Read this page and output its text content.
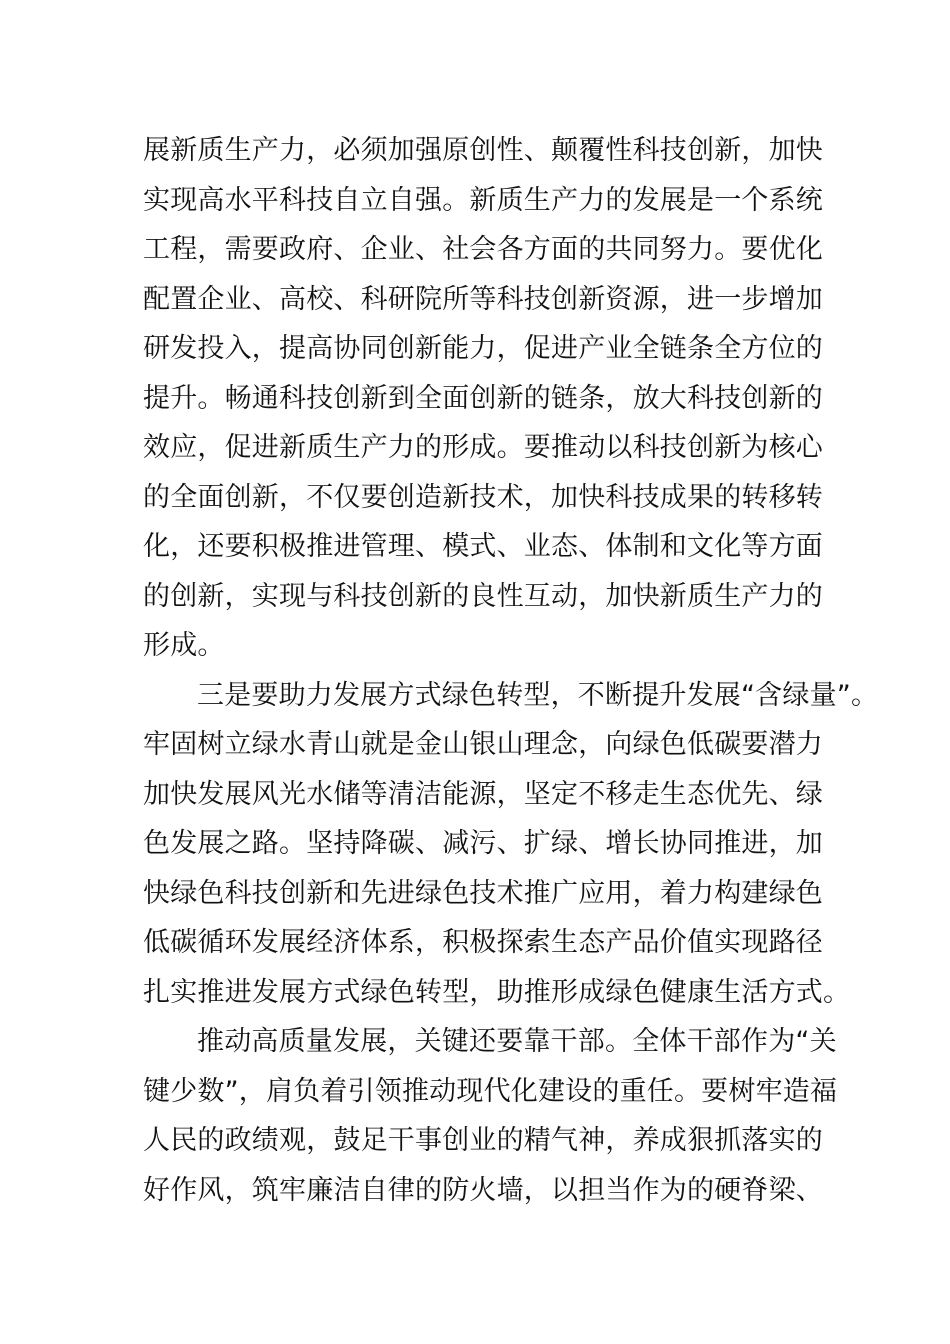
展新质生产力，必须加强原创性、颠覆性科技创新，加快
实现高水平科技自立自强。新质生产力的发展是一个系统
工程，需要政府、企业、社会各方面的共同努力。要优化
配置企业、高校、科研院所等科技创新资源，进一步增加
研发投入，提高协同创新能力，促进产业全链条全方位的
提升。畅通科技创新到全面创新的链条，放大科技创新的
效应，促进新质生产力的形成。要推动以科技创新为核心
的全面创新，不仅要创造新技术，加快科技成果的转移转
化，还要积极推进管理、模式、业态、体制和文化等方面
的创新，实现与科技创新的良性互动，加快新质生产力的
形成。
三是要助力发展方式绿色转型，不断提升发展“含绿量”。
牢固树立绿水青山就是金山银山理念，向绿色低碳要潜力
加快发展风光水储等清洁能源，坚定不移走生态优先、绿
色发展之路。坚持降碳、减污、扩绿、增长协同推进，加
快绿色科技创新和先进绿色技术推广应用，着力构建绿色
低碳循环发展经济体系，积极探索生态产品价值实现路径
扎实推进发展方式绿色转型，助推形成绿色健康生活方式。
推动高质量发展，关键还要靠干部。全体干部作为“关
键少数”，肩负着引领推动现代化建设的重任。要树牢造福
人民的政绩观，鼓足干事创业的精气神，养成狠抓落实的
好作风，筑牢廉洁自律的防火墙，以担当作为的硬脊梁、
